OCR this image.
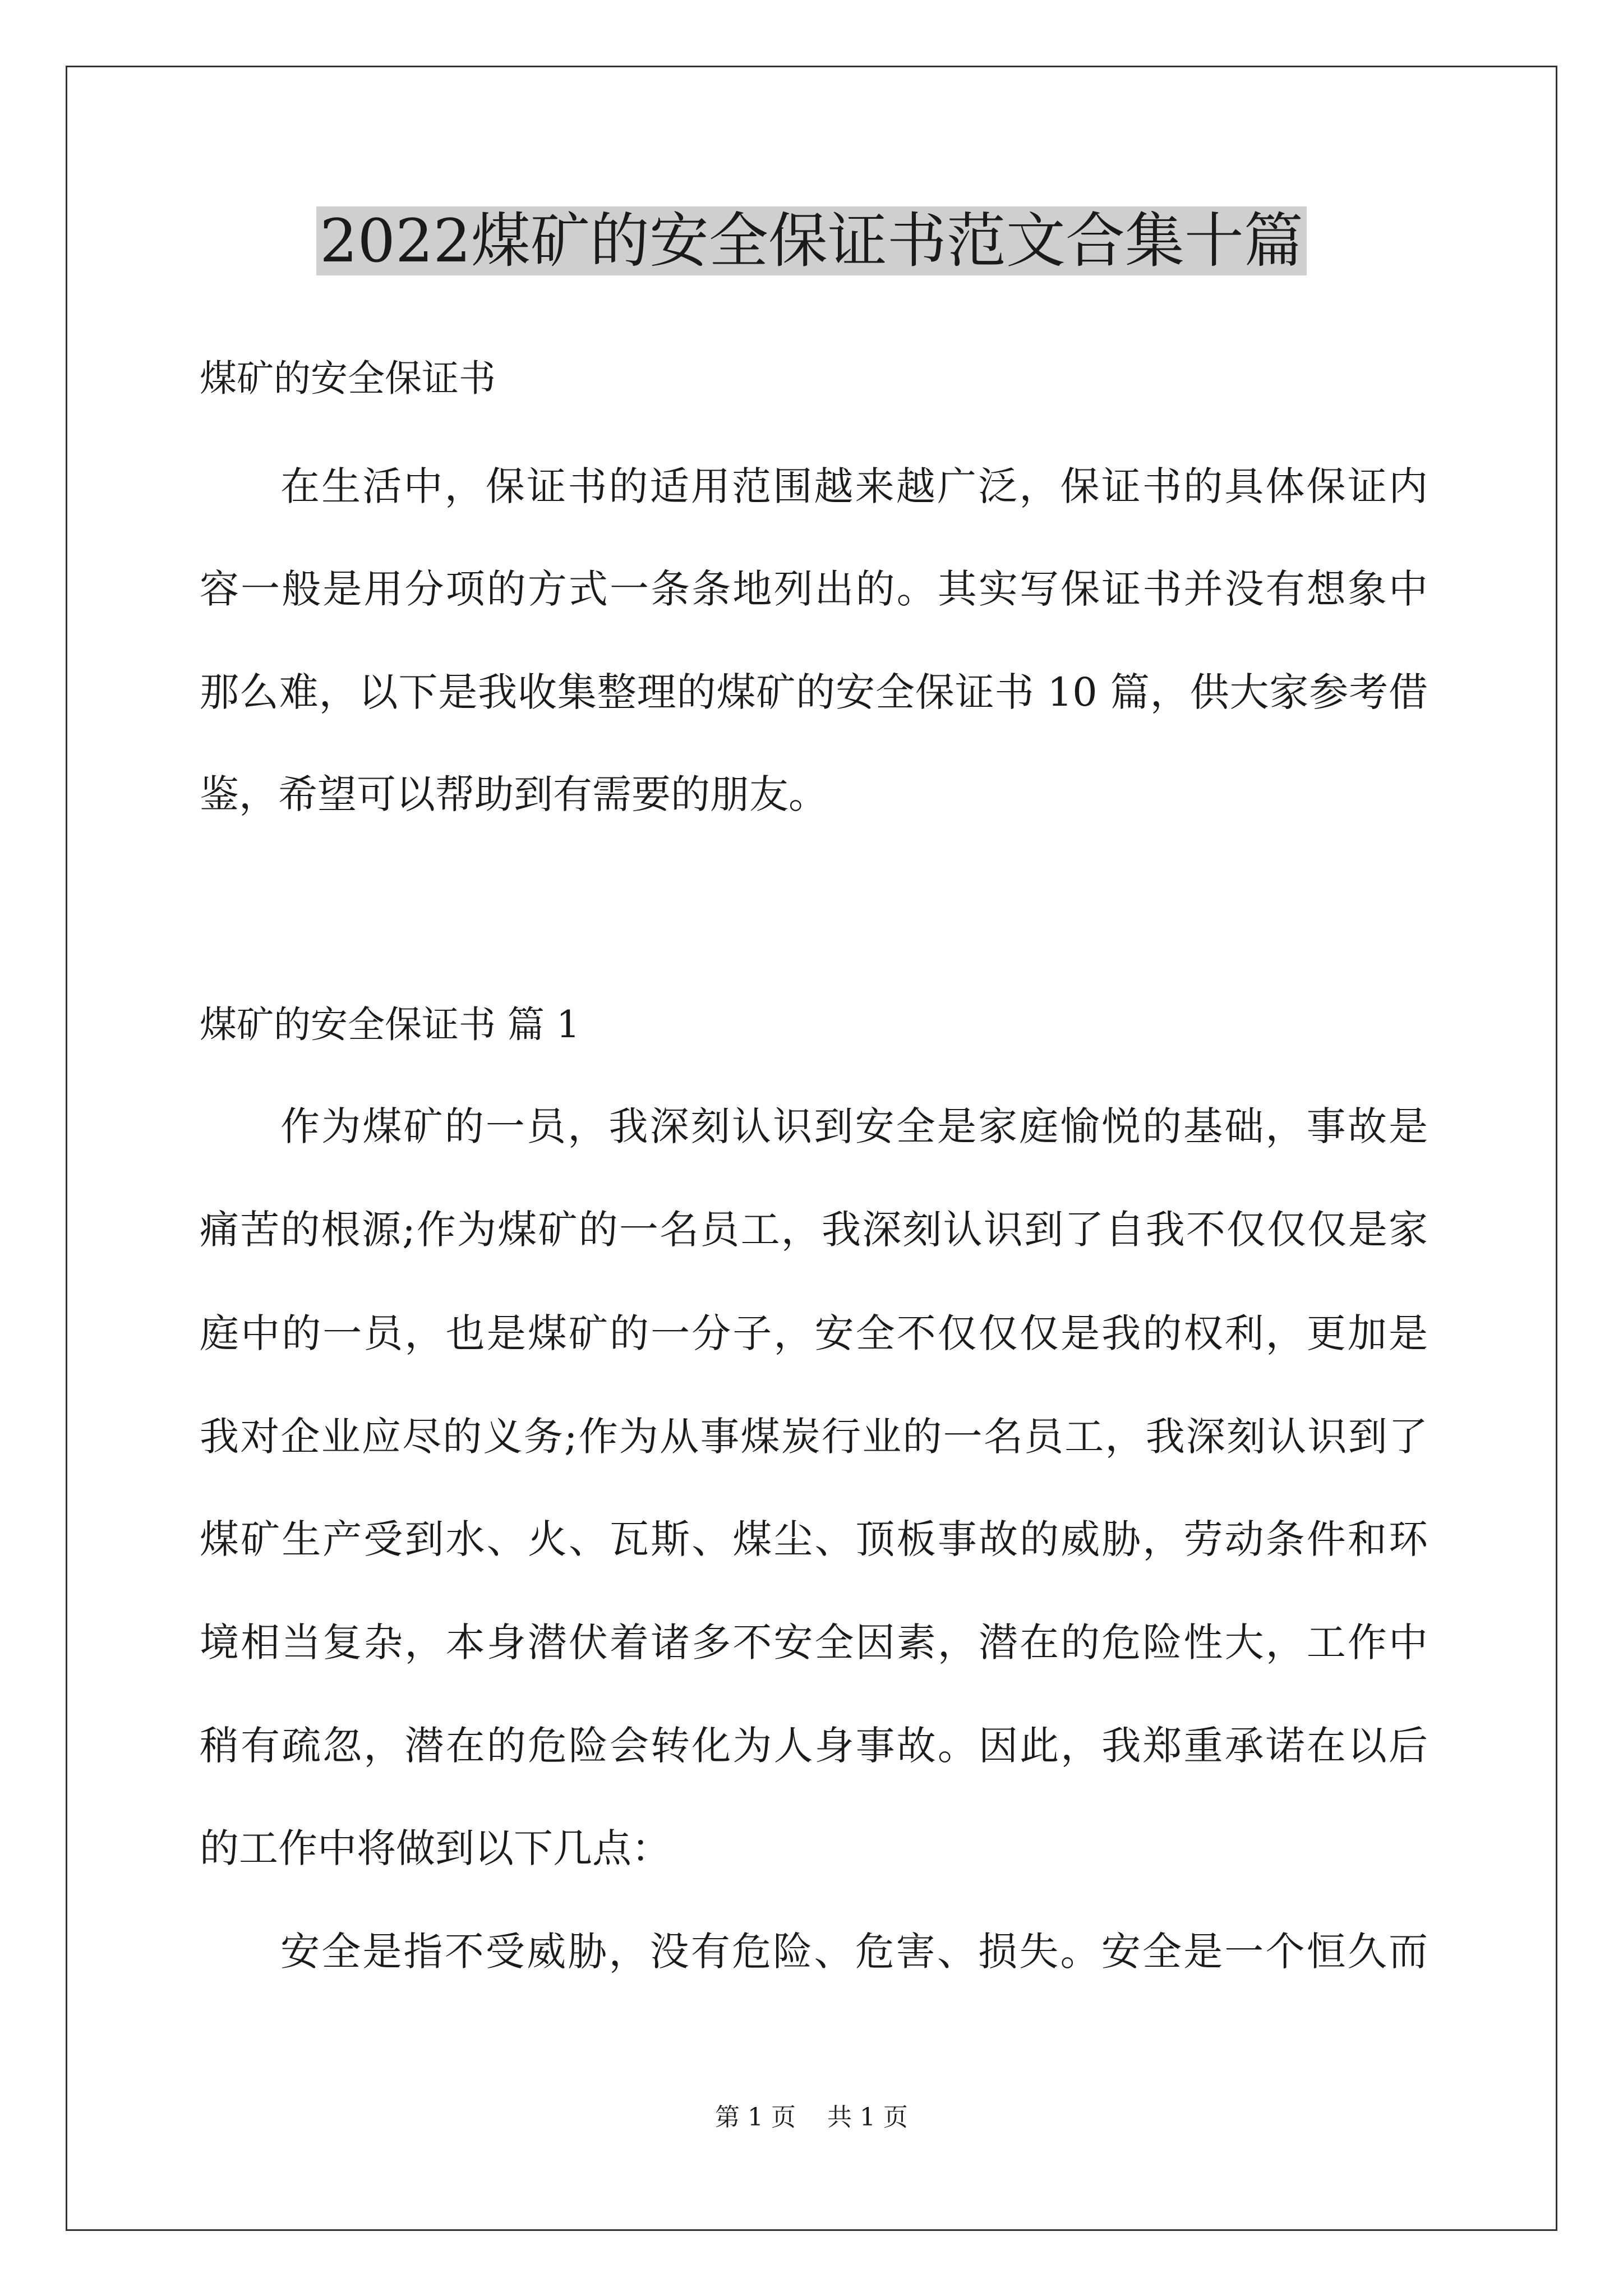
2022煤矿的安全保证书范文合集十篇
煤矿的安全保证书
在生活中，保证书的适用范围越来越广泛，保证书的具体保证内
容一般是用分项的方式一条条地列出的。其实写保证书并没有想象中
那么难，以下是我收集整理的煤矿的安全保证书 10 篇，供大家参考借
鉴，希望可以帮助到有需要的朋友。
煤矿的安全保证书 篇 1
作为煤矿的一员，我深刻认识到安全是家庭愉悦的基础，事故是
痛苦的根源;作为煤矿的一名员工，我深刻认识到了自我不仅仅仅是家
庭中的一员，也是煤矿的一分子，安全不仅仅仅是我的权利，更加是
我对企业应尽的义务;作为从事煤炭行业的一名员工，我深刻认识到了
煤矿生产受到水、火、瓦斯、煤尘、顶板事故的威胁，劳动条件和环
境相当复杂，本身潜伏着诸多不安全因素，潜在的危险性大，工作中
稍有疏忽，潜在的危险会转化为人身事故。因此，我郑重承诺在以后
的工作中将做到以下几点：
安全是指不受威胁，没有危险、危害、损失。安全是一个恒久而
第 1 页    共 1 页
